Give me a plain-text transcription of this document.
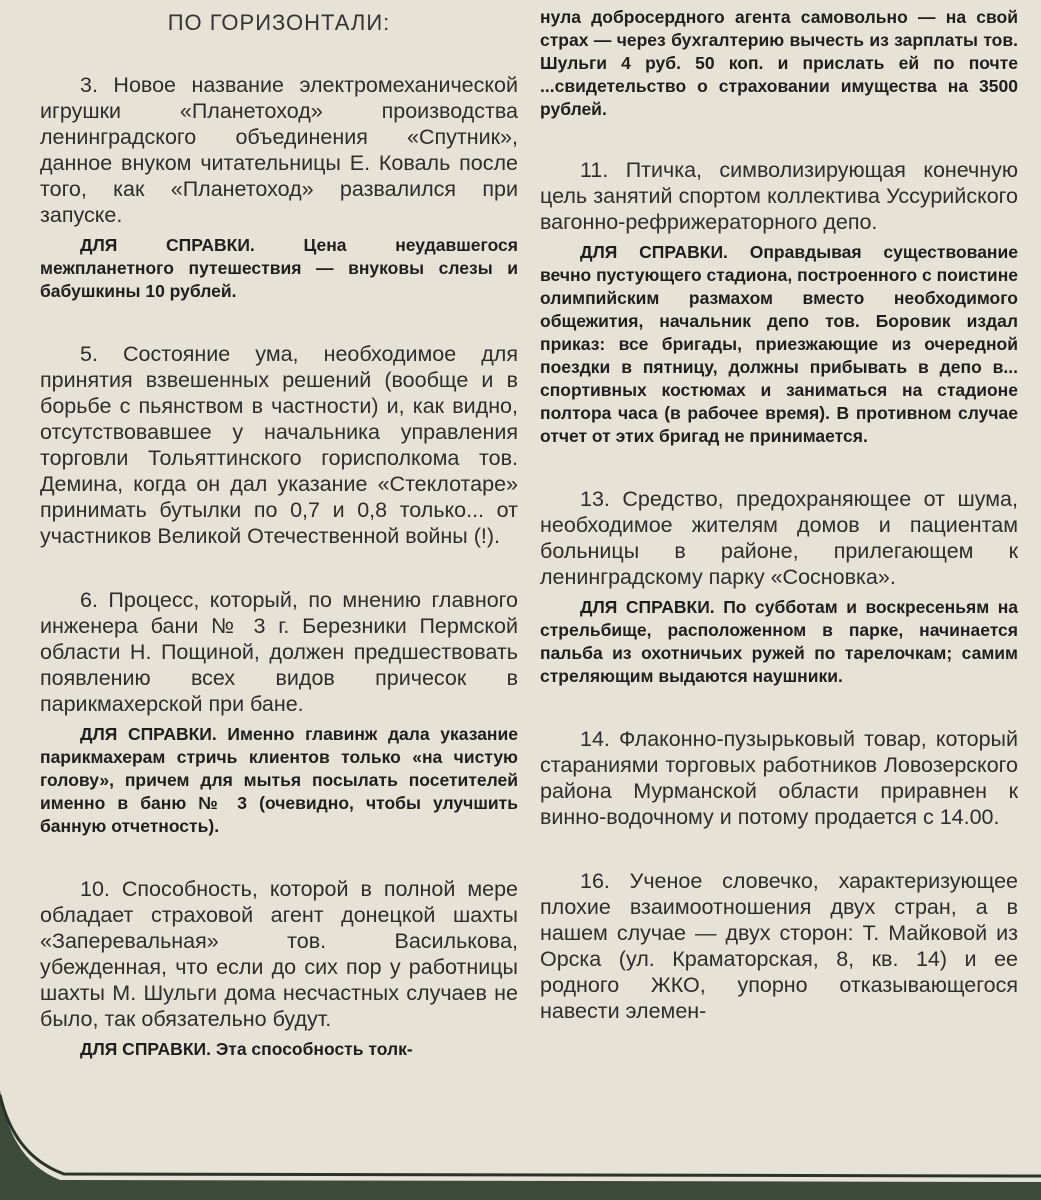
ПО ГОРИЗОНТАЛИ:

3. Новое название электромеханической игрушки «Планетоход» производства ленинградского объединения «Спутник», данное внуком читательницы Е. Коваль после того, как «Планетоход» развалился при запуске.

ДЛЯ СПРАВКИ.	Цена неудавшегося межпланетного путешествия — внуковы слезы и бабушкины 10 рублей.

5. Состояние ума, необходимое для принятия взвешенных решений (вообще и в борьбе с пьянством в частности) и, как видно, отсутствовавшее у начальника управления торговли Тольяттинского горисполкома тов. Демина, когда он дал указание «Стеклотаре» принимать бутылки по 0,7 и 0,8 только... от участников Великой Отечественной войны (!).

6. Процесс, который, по мнению главного инженера бани № 3 г. Березники Пермской области Н. Пощиной, должен предшествовать появлению всех видов причесок в парикмахерской при бане.

ДЛЯ СПРАВКИ. Именно главинж дала указание парикмахерам стричь клиентов только «на чистую голову», причем для мытья посылать посетителей именно в баню № 3 (очевидно, чтобы улучшить банную отчетность).

10. Способность, которой в полной мере обладает страховой агент донецкой шахты «Заперевальная» тов. Василькова, убежденная, что если до сих пор у работницы шахты М. Шульги дома несчастных случаев не было, так обязательно будут.

ДЛЯ СПРАВКИ. Эта способность толк-

нула добросердного агента самовольно — на свой страх — через бухгалтерию вычесть из зарплаты тов. Шульги 4 руб. 50 коп. и прислать ей по почте ...свидетельство о страховании имущества на 3500 рублей.

11. Птичка, символизирующая конечную цель занятий спортом коллектива Уссурийского вагонно-рефрижераторного депо.

ДЛЯ СПРАВКИ. Оправдывая существование вечно пустующего стадиона, построенного с поистине олимпийским размахом вместо необходимого общежития, начальник депо тов. Боровик издал приказ: все бригады, приезжающие из очередной поездки в пятницу, должны прибывать в депо в... спортивных костюмах и заниматься на стадионе полтора часа (в рабочее время). В противном случае отчет от этих бригад не принимается.

13. Средство, предохраняющее от шума, необходимое жителям домов и пациентам больницы в районе, прилегающем к ленинградскому парку «Сосновка».

ДЛЯ СПРАВКИ. По субботам и воскресеньям на стрельбище, расположенном в парке, начинается пальба из охотничьих ружей по тарелочкам; самим стреляющим выдаются наушники.

14. Флаконно-пузырьковый товар, который стараниями торговых работников Ловозерского района Мурманской области приравнен к винно-водочному и потому продается с 14.00.

16. Ученое словечко, характеризующее плохие взаимоотношения двух стран, а в нашем случае — двух сторон: Т. Майковой из Орска (ул. Краматорская, 8, кв. 14) и ее родного ЖКО, упорно отказывающегося навести элемен-
